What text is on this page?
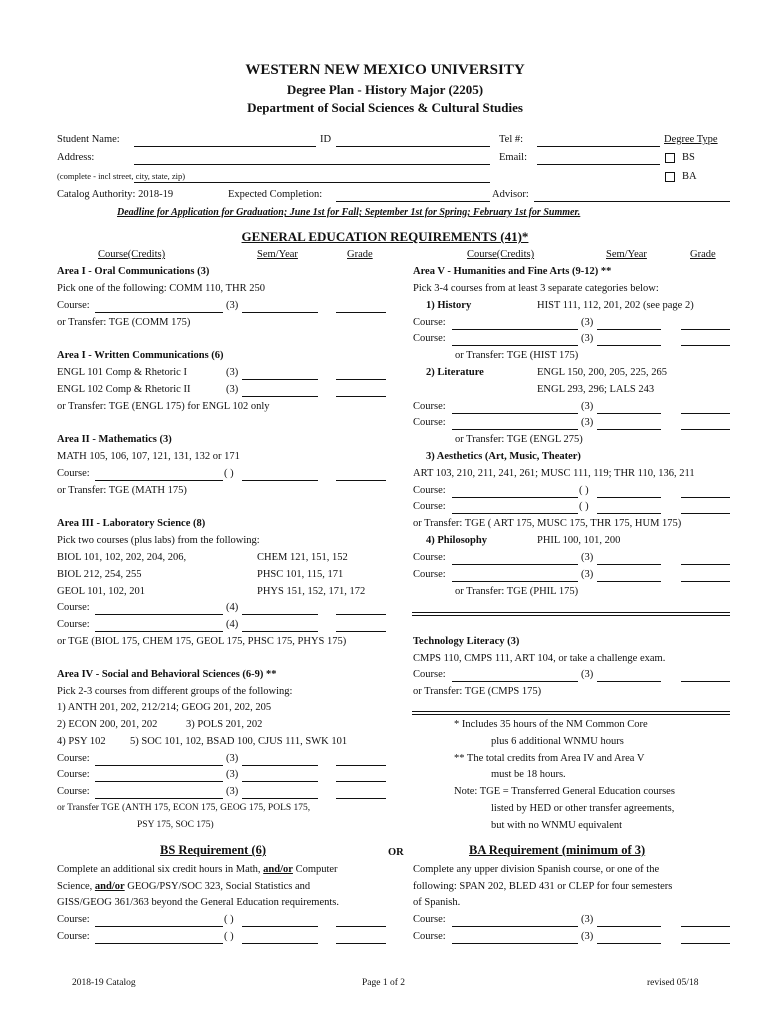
WESTERN NEW MEXICO UNIVERSITY
Degree Plan - History Major (2205)
Department of Social Sciences & Cultural Studies
Student Name:	ID	Tel #:	Degree Type
Address:	Email:	BS
(complete - incl street, city, state, zip)	BA
Catalog Authority: 2018-19	Expected Completion:	Advisor:
Deadline for Application for Graduation; June 1st for Fall; September 1st for Spring; February 1st for Summer.
GENERAL EDUCATION REQUIREMENTS (41)*
Course(Credits)	Sem/Year	Grade	Course(Credits)	Sem/Year	Grade
Area I - Oral Communications (3)
Pick one of the following: COMM 110, THR 250
Course:	(3)
or Transfer: TGE (COMM 175)
Area I - Written Communications (6)
ENGL 101 Comp & Rhetoric I	(3)
ENGL 102 Comp & Rhetoric II	(3)
or Transfer: TGE (ENGL 175) for ENGL 102 only
Area II - Mathematics (3)
MATH 105, 106, 107, 121, 131, 132 or 171
Course:	( )
or Transfer: TGE (MATH 175)
Area III - Laboratory Science (8)
Pick two courses (plus labs) from the following:
BIOL 101, 102, 202, 204, 206,	CHEM 121, 151, 152
BIOL 212, 254, 255	PHSC 101, 115, 171
GEOL 101, 102, 201	PHYS 151, 152, 171, 172
Course:	(4)
Course:	(4)
or TGE (BIOL 175, CHEM 175, GEOL 175, PHSC 175, PHYS 175)
Area IV - Social and Behavioral Sciences (6-9) **
Pick 2-3 courses from different groups of the following:
1) ANTH 201, 202, 212/214; GEOG 201, 202, 205
2) ECON 200, 201, 202	3) POLS 201, 202
4) PSY 102 5) SOC 101, 102, BSAD 100, CJUS 111, SWK 101
Course:	(3)
Course:	(3)
Course:	(3)
or Transfer TGE (ANTH 175, ECON 175, GEOG 175, POLS 175,
PSY 175, SOC 175)
Area V - Humanities and Fine Arts (9-12) **
Pick 3-4 courses from at least 3 separate categories below:
1) History	HIST 111, 112, 201, 202 (see page 2)
Course:	(3)
Course:	(3)
or Transfer: TGE (HIST 175)
2) Literature	ENGL 150, 200, 205, 225, 265
ENGL 293, 296; LALS 243
Course:	(3)
Course:	(3)
or Transfer: TGE (ENGL 275)
3) Aesthetics (Art, Music, Theater)
ART 103, 210, 211, 241, 261; MUSC 111, 119; THR 110, 136, 211
Course:	( )
Course:	( )
or Transfer: TGE ( ART 175, MUSC 175, THR 175, HUM 175)
4) Philosophy	PHIL 100, 101, 200
Course:	(3)
Course:	(3)
or Transfer: TGE (PHIL 175)
Technology Literacy (3)
CMPS 110, CMPS 111, ART 104, or take a challenge exam.
Course:	(3)
or Transfer: TGE (CMPS 175)
* Includes 35 hours of the NM Common Core
plus 6 additional WNMU hours
** The total credits from Area IV and Area V
must be 18 hours.
Note: TGE = Transferred General Education courses
listed by HED or other transfer agreements,
but with no WNMU equivalent
BS Requirement (6)	OR	BA Requirement (minimum of 3)
Complete an additional six credit hours in Math, and/or Computer
Science, and/or GEOG/PSY/SOC 323, Social Statistics and
GISS/GEOG 361/363 beyond the General Education requirements.
Course:	( )
Course:	( )
Complete any upper division Spanish course, or one of the
following: SPAN 202, BLED 431 or CLEP for four semesters
of Spanish.
Course:	(3)
Course:	(3)
2018-19 Catalog	Page 1 of 2	revised 05/18
